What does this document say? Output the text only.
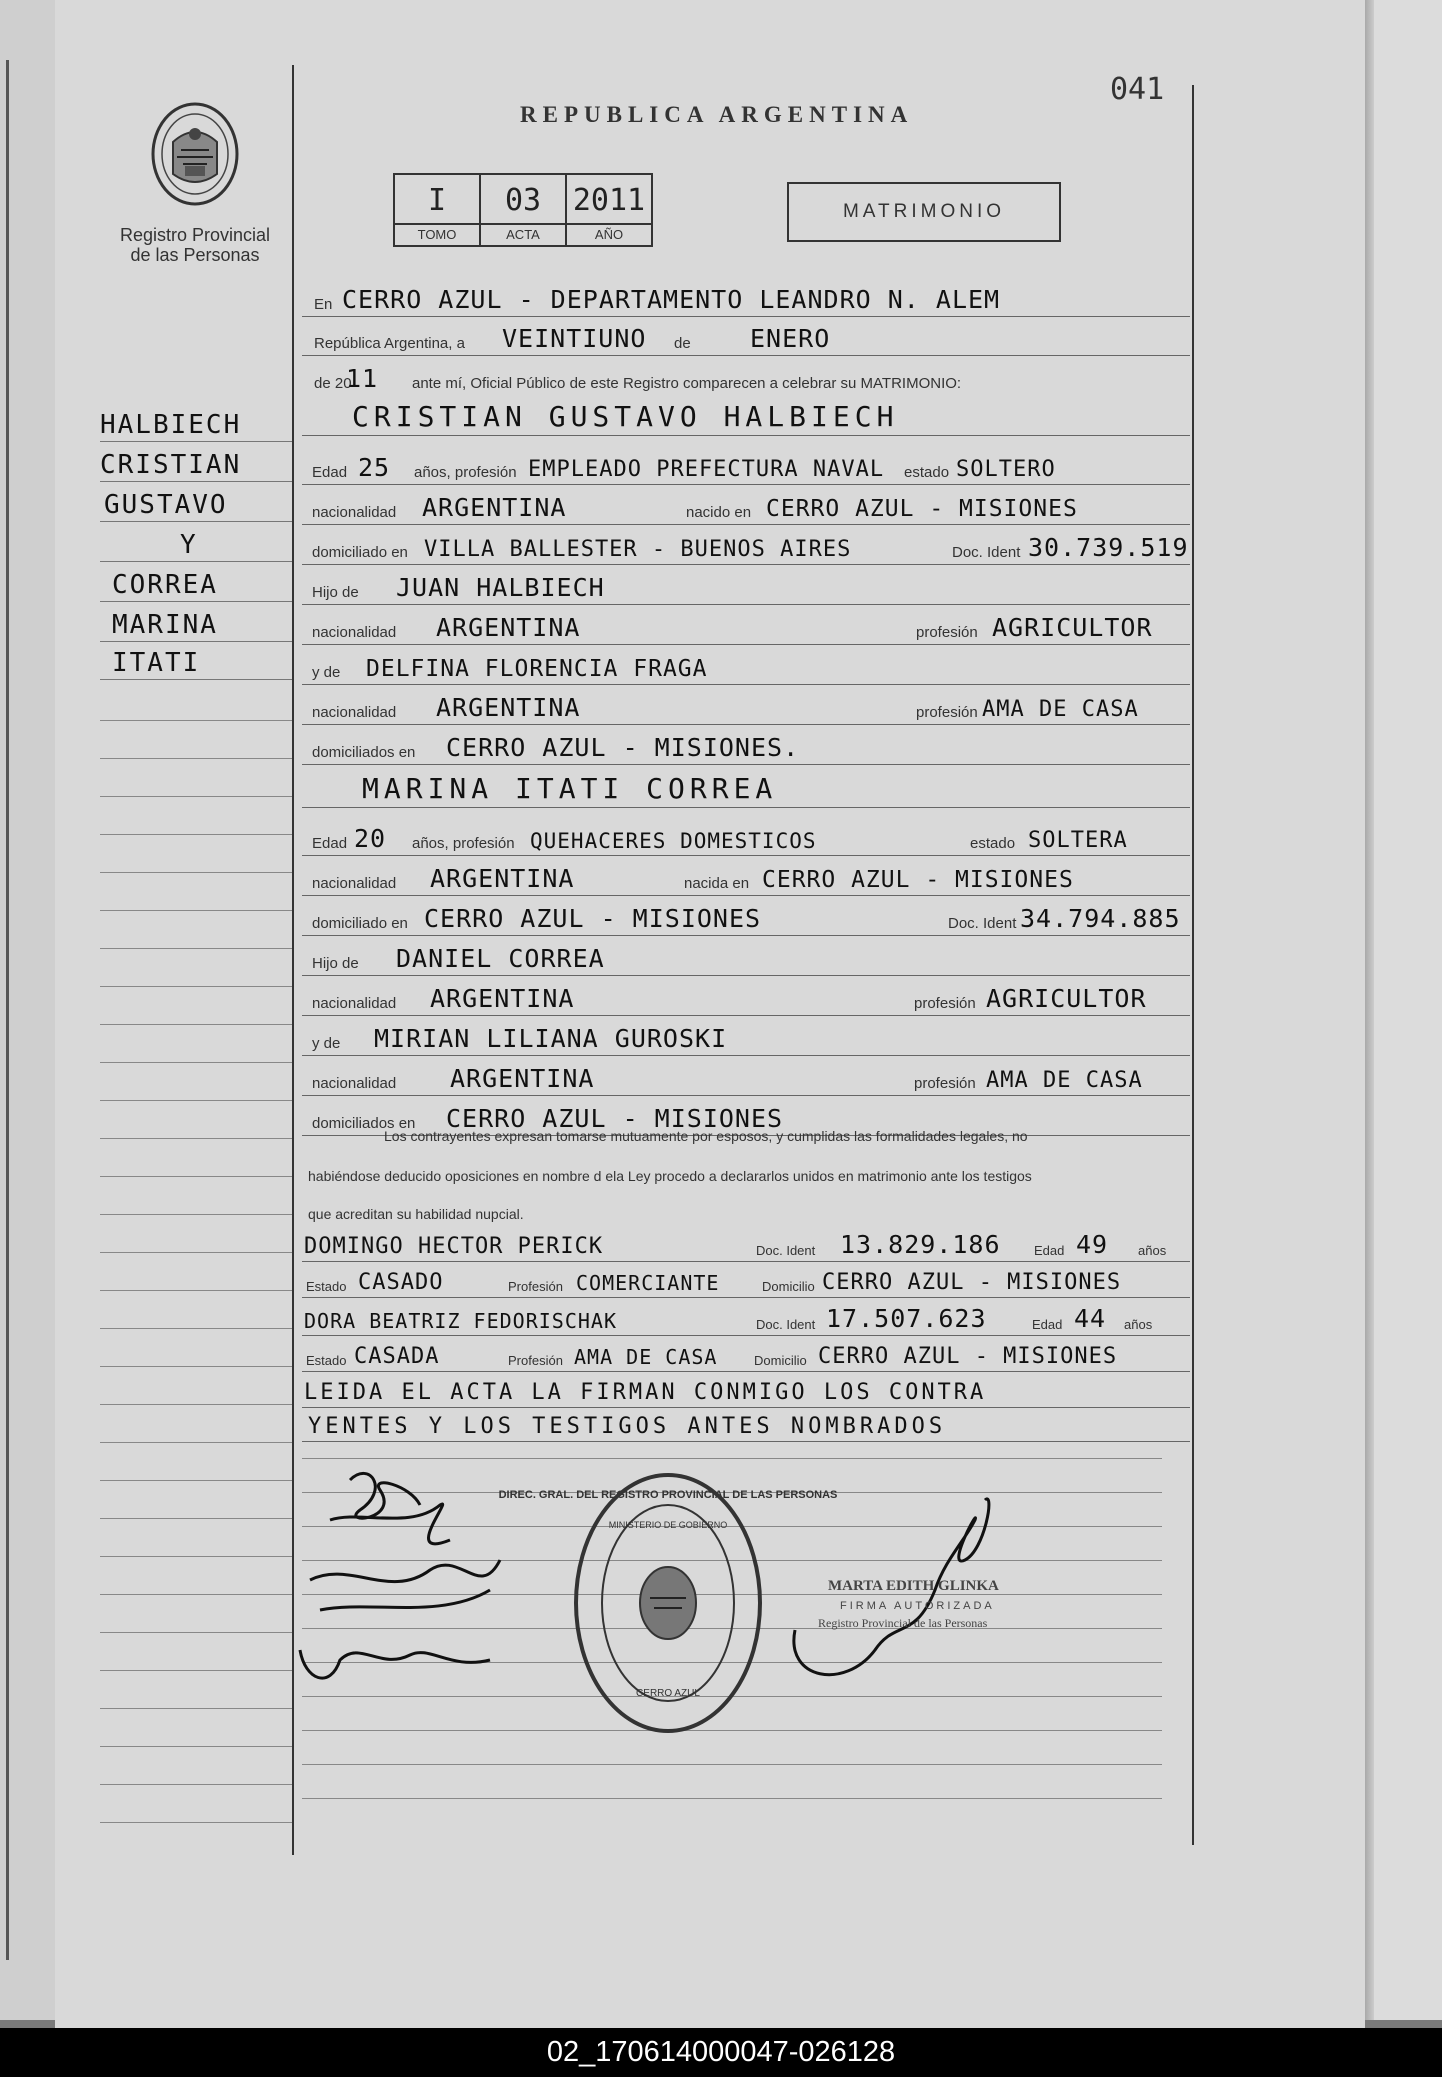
041
Registro Provincial
de las Personas
REPUBLICA ARGENTINA
I
TOMO
03
ACTA
2011
AÑO
MATRIMONIO
HALBIECH
CRISTIAN
GUSTAVO
Y
CORREA
MARINA
ITATI
En CERRO AZUL - DEPARTAMENTO LEANDRO N. ALEM
República Argentina, a VEINTIUNO de ENERO
de 20
11 ante mí, Oficial Público de este Registro comparecen a celebrar su MATRIMONIO:
CRISTIAN GUSTAVO HALBIECH
Edad 25 años, profesión EMPLEADO PREFECTURA NAVAL estado SOLTERO
nacionalidad ARGENTINA	nacido en CERRO AZUL - MISIONES
domiciliado en VILLA BALLESTER - BUENOS AIRES	Doc. Ident 30.739.519
Hijo de JUAN HALBIECH
nacionalidad ARGENTINA	profesión AGRICULTOR
y de DELFINA FLORENCIA FRAGA
nacionalidad ARGENTINA	profesión AMA DE CASA
domiciliados en CERRO AZUL - MISIONES.
MARINA ITATI CORREA
Edad 20 años, profesión QUEHACERES DOMESTICOS	estado SOLTERA
nacionalidad ARGENTINA	nacida en CERRO AZUL - MISIONES
domiciliado en CERRO AZUL - MISIONES	Doc. Ident 34.794.885
Hijo de DANIEL CORREA
nacionalidad ARGENTINA	profesión AGRICULTOR
y de MIRIAN LILIANA GUROSKI
nacionalidad ARGENTINA	profesión AMA DE CASA
domiciliados en CERRO AZUL - MISIONES
Los contrayentes expresan tomarse mutuamente por esposos, y cumplidas las formalidades legales, no
habiéndose deducido oposiciones en nombre d ela Ley procedo a declararlos unidos en matrimonio ante los testigos
que acreditan su habilidad nupcial.
DOMINGO HECTOR PERICK	Doc. Ident 13.829.186	Edad 49 años
Estado CASADO	Profesión COMERCIANTE	Domicilio CERRO AZUL - MISIONES
DORA BEATRIZ FEDORISCHAK	Doc. Ident 17.507.623	Edad 44 años
Estado CASADA	Profesión AMA DE CASA	Domicilio CERRO AZUL - MISIONES
LEIDA EL ACTA LA FIRMAN CONMIGO LOS CONTRA
YENTES Y LOS TESTIGOS ANTES NOMBRADOS
DIREC. GRAL. DEL REGISTRO PROVINCIAL DE LAS PERSONAS
MINISTERIO DE GOBIERNO
CERRO AZUL
MARTA EDITH GLINKA
FIRMA AUTORIZADA
Registro Provincial de las Personas
02_170614000047-026128
